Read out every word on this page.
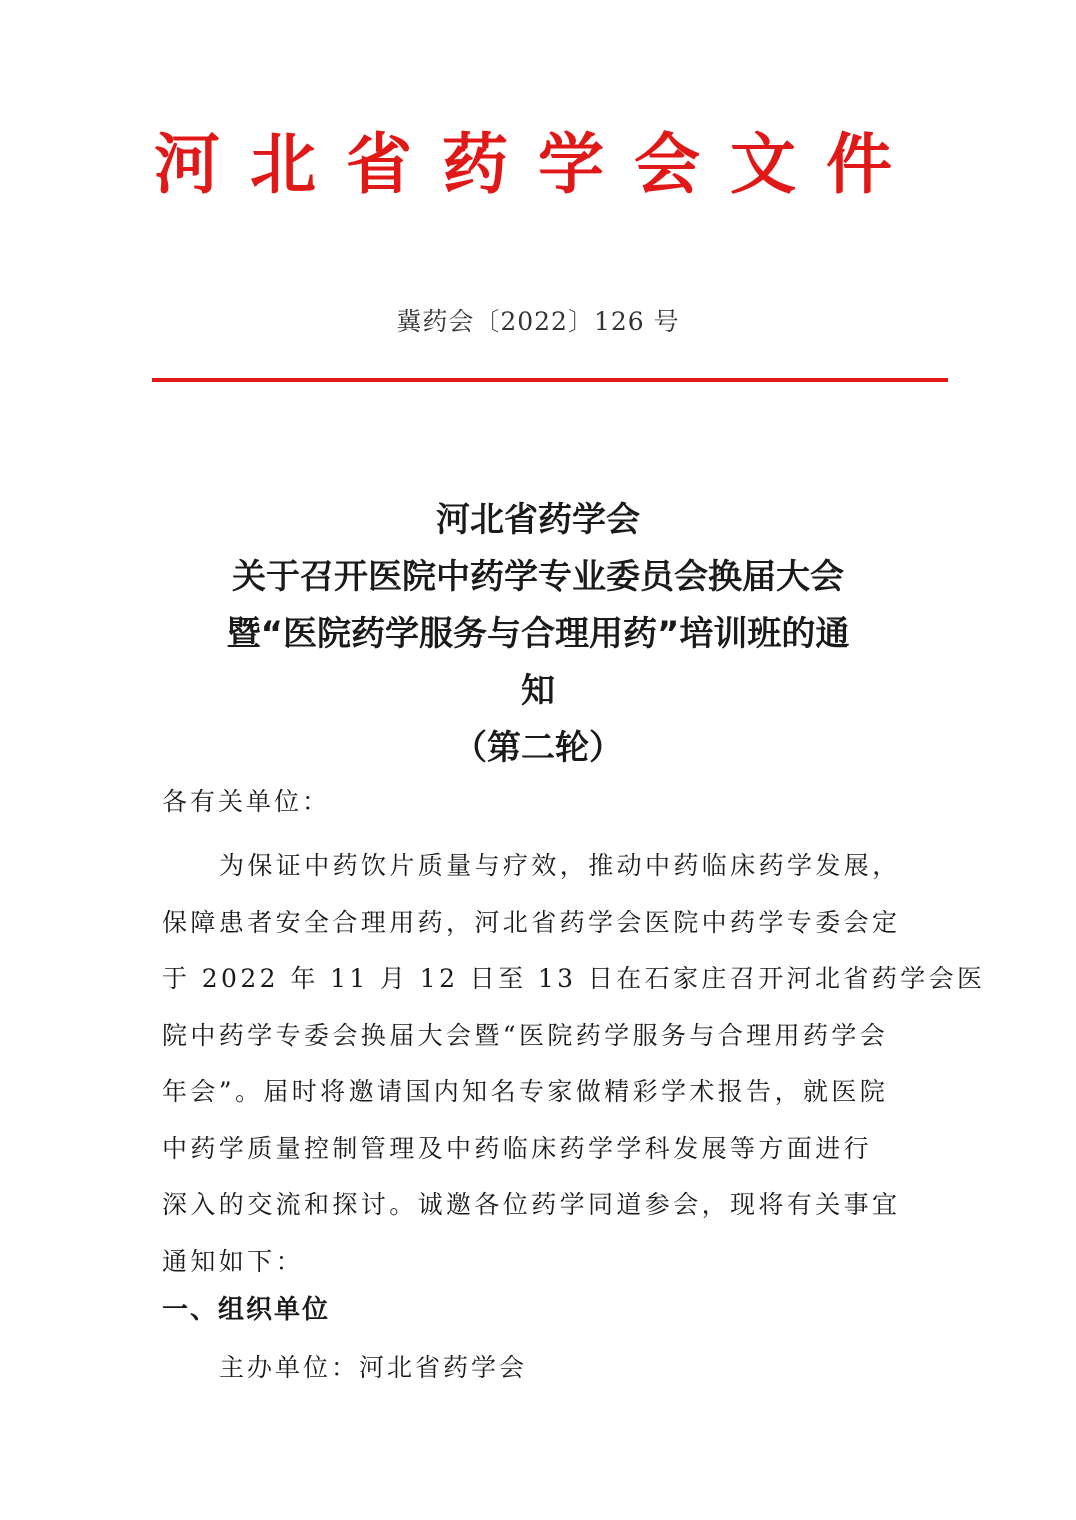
河北省药学会文件
冀药会〔2022〕126 号
河北省药学会
关于召开医院中药学专业委员会换届大会
暨“医院药学服务与合理用药”培训班的通
知
（第二轮）
各有关单位：
为保证中药饮片质量与疗效，推动中药临床药学发展，
保障患者安全合理用药，河北省药学会医院中药学专委会定
于 2022 年 11 月 12 日至 13 日在石家庄召开河北省药学会医
院中药学专委会换届大会暨“医院药学服务与合理用药学会
年会”。届时将邀请国内知名专家做精彩学术报告，就医院
中药学质量控制管理及中药临床药学学科发展等方面进行
深入的交流和探讨。诚邀各位药学同道参会，现将有关事宜
通知如下：
一、组织单位
主办单位：河北省药学会
